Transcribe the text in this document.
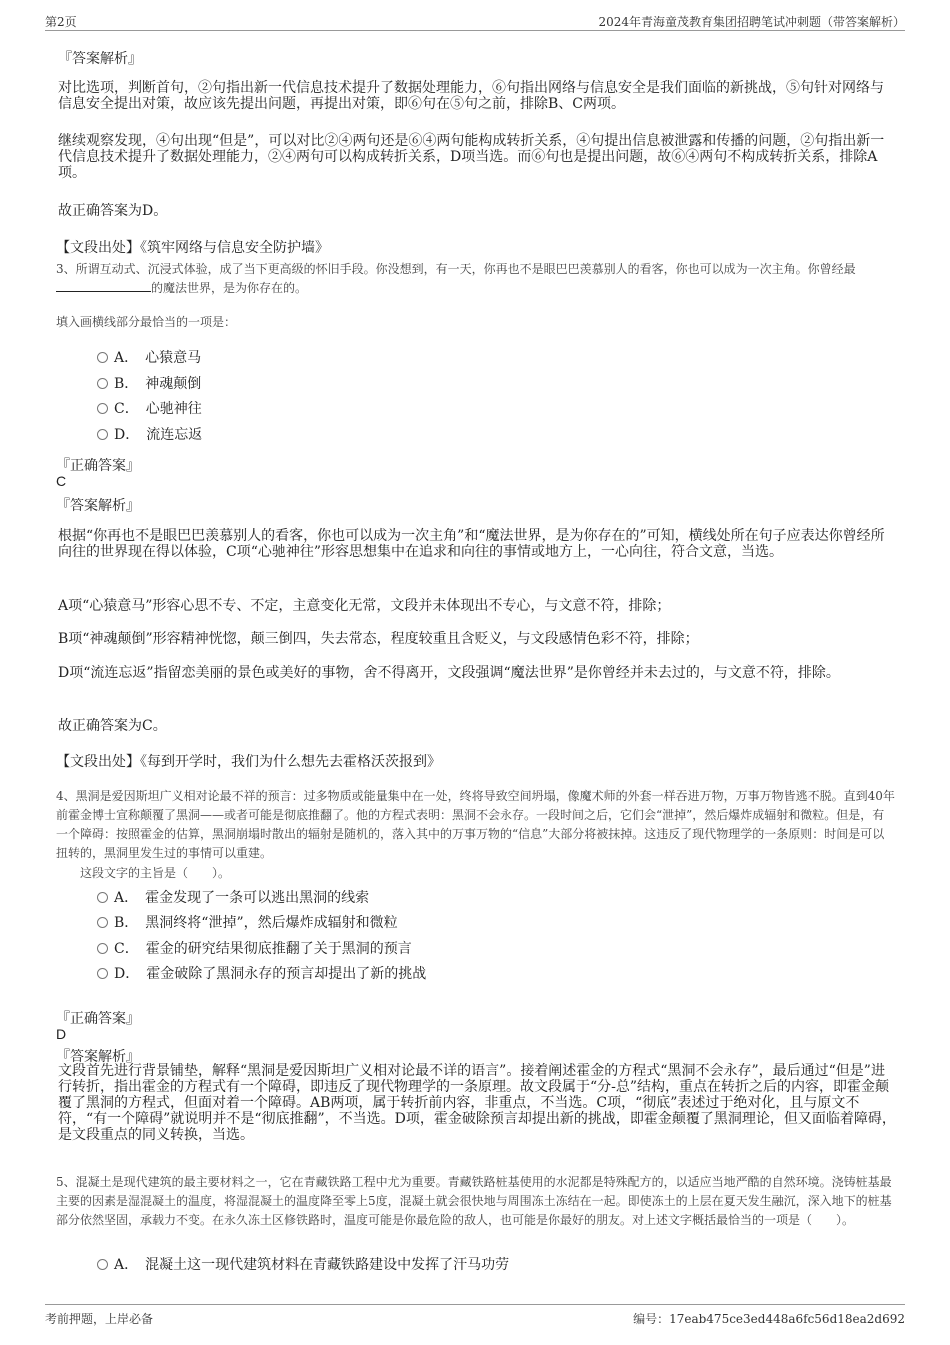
第2页	2024年青海童茂教育集团招聘笔试冲刺题（带答案解析）
『答案解析』

对比选项，判断首句，②句指出新一代信息技术提升了数据处理能力，⑥句指出网络与信息安全是我们面临的新挑战，⑤句针对网络与信息安全提出对策，故应该先提出问题，再提出对策，即⑥句在⑤句之前，排除B、C两项。

继续观察发现，④句出现“但是”，可以对比②④两句还是⑥④两句能构成转折关系，④句提出信息被泄露和传播的问题，②句指出新一代信息技术提升了数据处理能力，②④两句可以构成转折关系，D项当选。而⑥句也是提出问题，故⑥④两句不构成转折关系，排除A项。

故正确答案为D。

【文段出处】《筑牢网络与信息安全防护墙》

3、所谓互动式、沉浸式体验，成了当下更高级的怀旧手段。你没想到，有一天，你再也不是眼巴巴羡慕别人的看客，你也可以成为一次主角。你曾经最的魔法世界，是为你存在的。

填入画横线部分最恰当的一项是：
A．　 心猿意马
B．　 神魂颠倒
C．　 心驰神往
D．　 流连忘返
『正确答案』
C
『答案解析』

根据“你再也不是眼巴巴羡慕别人的看客，你也可以成为一次主角”和“魔法世界，是为你存在的”可知，横线处所在句子应表达你曾经所向往的世界现在得以体验，C项“心驰神往”形容思想集中在追求和向往的事情或地方上，一心向往，符合文意，当选。

A项“心猿意马”形容心思不专、不定，主意变化无常，文段并未体现出不专心，与文意不符，排除；

B项“神魂颠倒”形容精神恍惚，颠三倒四，失去常态，程度较重且含贬义，与文段感情色彩不符，排除；

D项“流连忘返”指留恋美丽的景色或美好的事物，舍不得离开，文段强调“魔法世界”是你曾经并未去过的，与文意不符，排除。

故正确答案为C。

【文段出处】《每到开学时，我们为什么想先去霍格沃茨报到》

4、黑洞是爱因斯坦广义相对论最不祥的预言：过多物质或能量集中在一处，终将导致空间坍塌，像魔术师的外套一样吞进万物，万事万物皆逃不脱。直到40年前霍金博士宣称颠覆了黑洞——或者可能是彻底推翻了。他的方程式表明：黑洞不会永存。一段时间之后，它们会“泄掉”，然后爆炸成辐射和微粒。但是，有一个障碍：按照霍金的估算，黑洞崩塌时散出的辐射是随机的，落入其中的万事万物的“信息”大部分将被抹掉。这违反了现代物理学的一条原则：时间是可以扭转的，黑洞里发生过的事情可以重建。

这段文字的主旨是（　　）。
A．　 霍金发现了一条可以逃出黑洞的线索
B．　 黑洞终将“泄掉”，然后爆炸成辐射和微粒
C．　 霍金的研究结果彻底推翻了关于黑洞的预言
D．　 霍金破除了黑洞永存的预言却提出了新的挑战
『正确答案』
D
『答案解析』

文段首先进行背景铺垫，解释“黑洞是爱因斯坦广义相对论最不详的语言”。接着阐述霍金的方程式“黑洞不会永存”，最后通过“但是”进行转折，指出霍金的方程式有一个障碍，即违反了现代物理学的一条原理。故文段属于“分-总”结构，重点在转折之后的内容，即霍金颠覆了黑洞的方程式，但面对着一个障碍。AB两项，属于转折前内容，非重点，不当选。C项，“彻底”表述过于绝对化，且与原文不符，“有一个障碍”就说明并不是“彻底推翻”，不当选。D项，霍金破除预言却提出新的挑战，即霍金颠覆了黑洞理论，但又面临着障碍，是文段重点的同义转换，当选。

5、混凝土是现代建筑的最主要材料之一，它在青藏铁路工程中尤为重要。青藏铁路桩基使用的水泥都是特殊配方的，以适应当地严酷的自然环境。浇铸桩基最主要的因素是湿混凝土的温度，将湿混凝土的温度降至零上5度，混凝土就会很快地与周围冻土冻结在一起。即使冻土的上层在夏天发生融沉，深入地下的桩基部分依然坚固，承载力不变。在永久冻土区修铁路时，温度可能是你最危险的敌人，也可能是你最好的朋友。对上述文字概括最恰当的一项是（　　）。

A．　 混凝土这一现代建筑材料在青藏铁路建设中发挥了汗马功劳
考前押题，上岸必备	编号：17eab475ce3ed448a6fc56d18ea2d692
